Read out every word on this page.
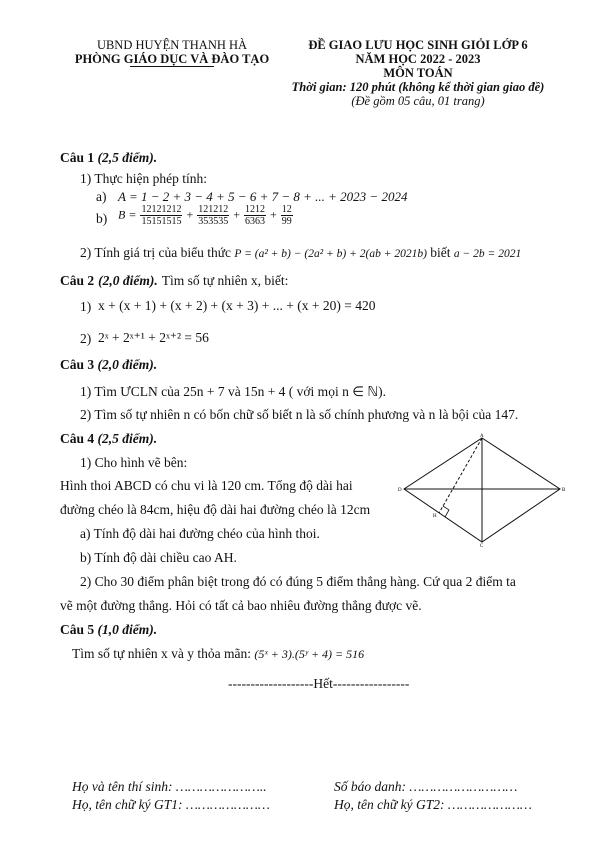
UBND HUYỆN THANH HÀ
PHÒNG GIÁO DỤC VÀ ĐÀO TẠO
ĐỀ GIAO LƯU HỌC SINH GIỎI LỚP 6
NĂM HỌC 2022 - 2023
MÔN TOÁN
Thời gian: 120 phút (không kể thời gian giao đề)
(Đề gồm 05 câu, 01 trang)
Câu 1 (2,5 điểm).
1) Thực hiện phép tính:
a) A = 1 − 2 + 3 − 4 + 5 − 6 + 7 − 8 + ... + 2023 − 2024
b) $B = \frac{12121212}{15151515} + \frac{121212}{353535} + \frac{1212}{6363} + \frac{12}{99}$
2) Tính giá trị của biểu thức P = (a² + b) − (2a² + b) + 2(ab + 2021b) biết a − 2b = 2021
Câu 2 (2,0 điểm). Tìm số tự nhiên x, biết:
1) x + (x + 1) + (x + 2) + (x + 3) + ... + (x + 20) = 420
2) 2ˣ + 2ˣ⁺¹ + 2ˣ⁺² = 56
Câu 3 (2,0 điểm).
1) Tìm ƯCLN của 25n + 7 và 15n + 4 ( với mọi n ∈ ℕ).
2) Tìm số tự nhiên n có bốn chữ số biết n là số chính phương và n là bội của 147.
Câu 4 (2,5 điểm).
1) Cho hình vẽ bên:
Hình thoi ABCD có chu vi là 120 cm. Tổng độ dài hai
đường chéo là 84cm, hiệu độ dài hai đường chéo là 12cm
a) Tính độ dài hai đường chéo của hình thoi.
b) Tính độ dài chiều cao AH.
2) Cho 30 điểm phân biệt trong đó có đúng 5 điểm thẳng hàng. Cứ qua 2 điểm ta
vẽ một đường thẳng. Hỏi có tất cả bao nhiêu đường thẳng được vẽ.
A
B
C
D
H
Câu 5 (1,0 điểm).
Tìm số tự nhiên x và y thỏa mãn: (5ˣ + 3).(5ʸ + 4) = 516
-------------------Hết-----------------
Họ và tên thí sinh: …………………..	Số báo danh: ………………………
Họ, tên chữ ký GT1: …………………	Họ, tên chữ ký GT2: …………………
